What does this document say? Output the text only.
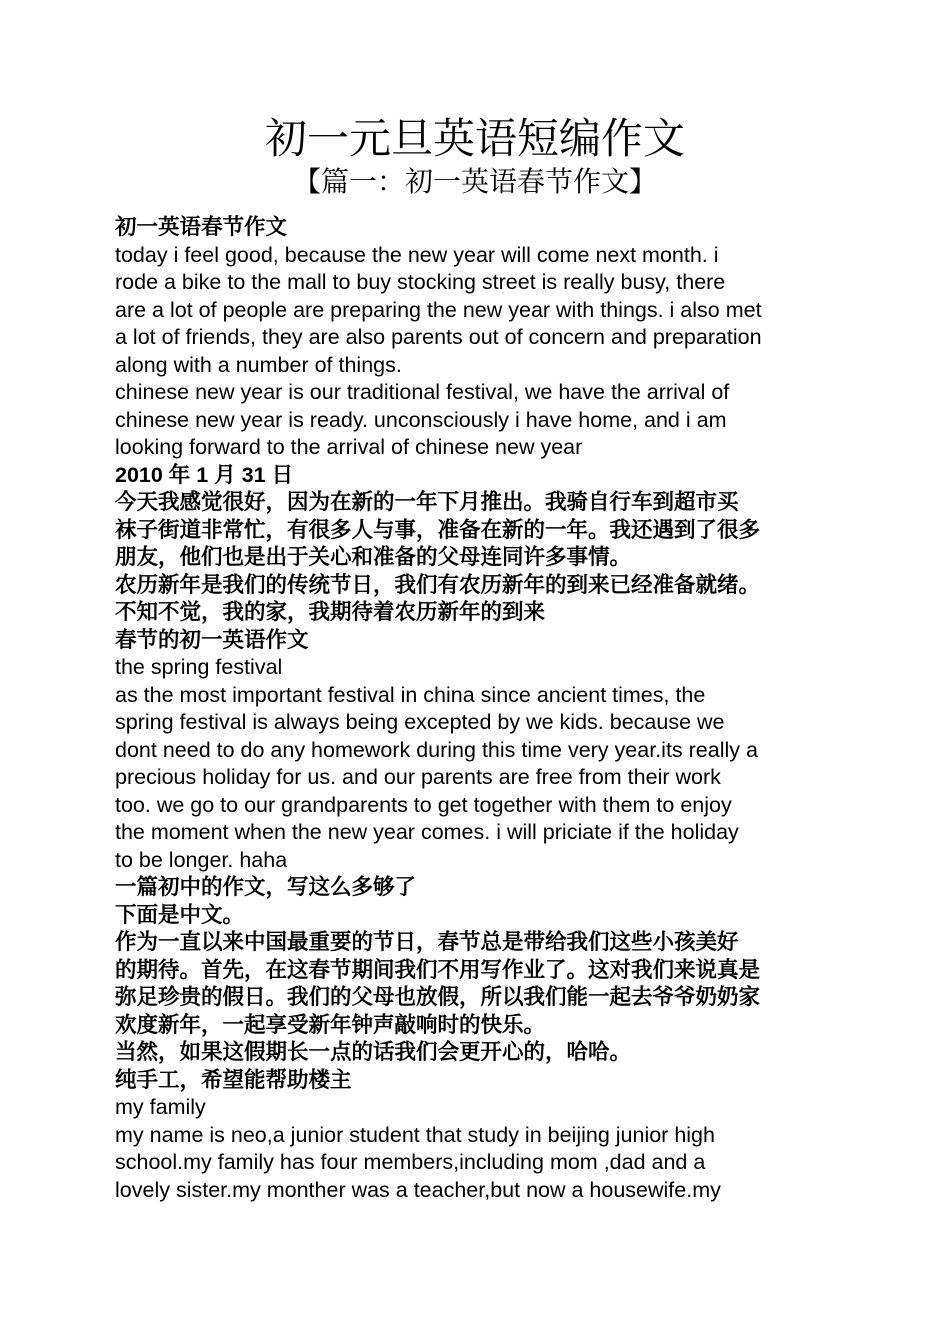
初一元旦英语短编作文
【篇一：初一英语春节作文】
初一英语春节作文
today i feel good, because the new year will come next month. i
rode a bike to the mall to buy stocking street is really busy, there
are a lot of people are preparing the new year with things. i also met
a lot of friends, they are also parents out of concern and preparation
along with a number of things.
chinese new year is our traditional festival, we have the arrival of
chinese new year is ready. unconsciously i have home, and i am
looking forward to the arrival of chinese new year
2010 年 1 月 31 日
今天我感觉很好，因为在新的一年下月推出。我骑自行车到超市买
袜子街道非常忙，有很多人与事，准备在新的一年。我还遇到了很多
朋友，他们也是出于关心和准备的父母连同许多事情。
农历新年是我们的传统节日，我们有农历新年的到来已经准备就绪。
不知不觉，我的家，我期待着农历新年的到来
春节的初一英语作文
the spring festival
as the most important festival in china since ancient times, the
spring festival is always being excepted by we kids. because we
dont need to do any homework during this time very year.its really a
precious holiday for us. and our parents are free from their work
too. we go to our grandparents to get together with them to enjoy
the moment when the new year comes. i will priciate if the holiday
to be longer. haha
一篇初中的作文，写这么多够了
下面是中文。
作为一直以来中国最重要的节日，春节总是带给我们这些小孩美好
的期待。首先，在这春节期间我们不用写作业了。这对我们来说真是
弥足珍贵的假日。我们的父母也放假，所以我们能一起去爷爷奶奶家
欢度新年，一起享受新年钟声敲响时的快乐。
当然，如果这假期长一点的话我们会更开心的，哈哈。
纯手工，希望能帮助楼主
my family
my name is neo,a junior student that study in beijing junior high
school.my family has four members,including mom ,dad and a
lovely sister.my monther was a teacher,but now a housewife.my
